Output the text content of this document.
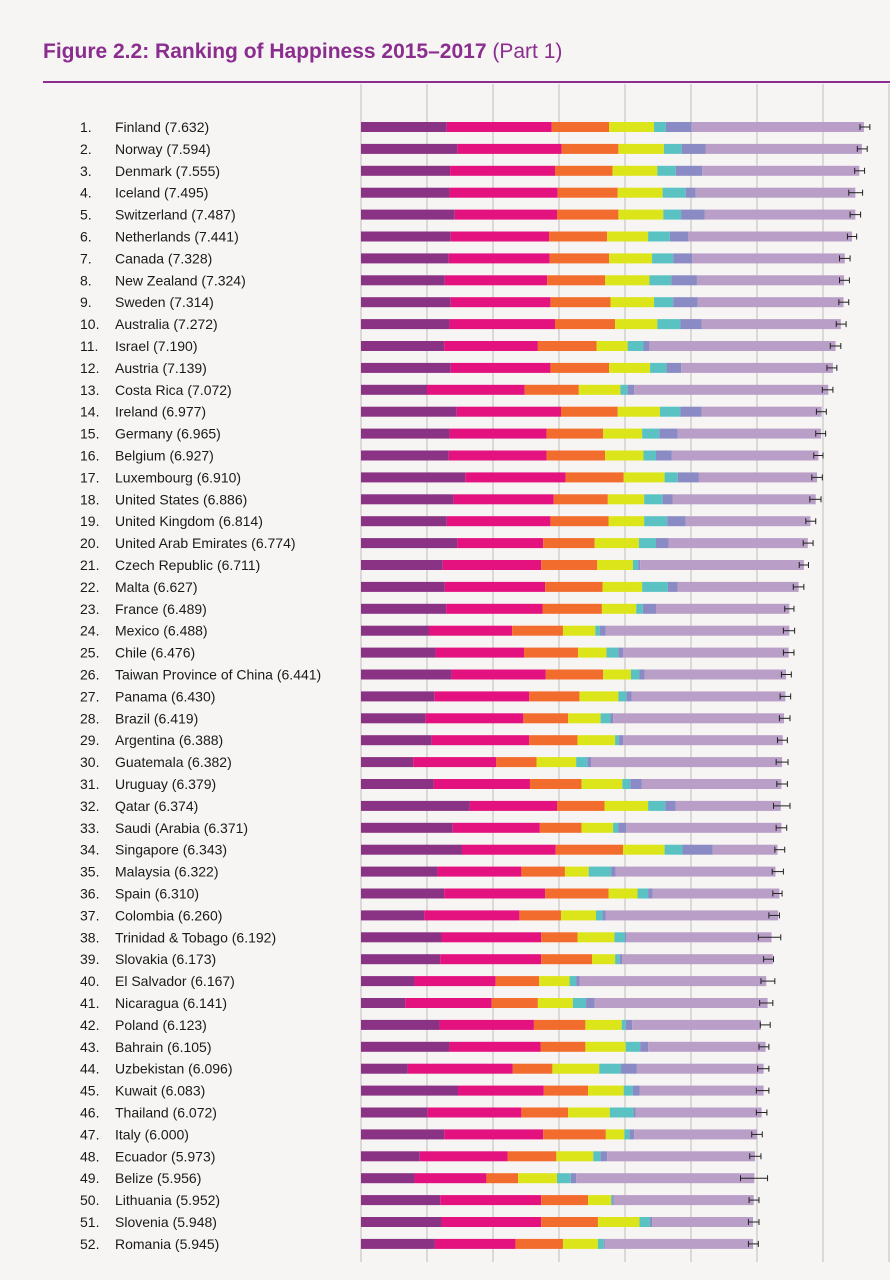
Figure 2.2: Ranking of Happiness 2015–2017 (Part 1)
1. Finland (7.632)
2. Norway (7.594)
3. Denmark (7.555)
4. Iceland (7.495)
5. Switzerland (7.487)
6. Netherlands (7.441)
7. Canada (7.328)
8. New Zealand (7.324)
9. Sweden (7.314)
10. Australia (7.272)
11. Israel (7.190)
12. Austria (7.139)
13. Costa Rica (7.072)
14. Ireland (6.977)
15. Germany (6.965)
16. Belgium (6.927)
17. Luxembourg (6.910)
18. United States (6.886)
19. United Kingdom (6.814)
20. United Arab Emirates (6.774)
21. Czech Republic (6.711)
22. Malta (6.627)
23. France (6.489)
24. Mexico (6.488)
25. Chile (6.476)
26. Taiwan Province of China (6.441)
27. Panama (6.430)
28. Brazil (6.419)
29. Argentina (6.388)
30. Guatemala (6.382)
31. Uruguay (6.379)
32. Qatar (6.374)
33. Saudi (Arabia (6.371)
34. Singapore (6.343)
35. Malaysia (6.322)
36. Spain (6.310)
37. Colombia (6.260)
38. Trinidad & Tobago (6.192)
39. Slovakia (6.173)
40. El Salvador (6.167)
41. Nicaragua (6.141)
42. Poland (6.123)
43. Bahrain (6.105)
44. Uzbekistan (6.096)
45. Kuwait (6.083)
46. Thailand (6.072)
47. Italy (6.000)
48. Ecuador (5.973)
49. Belize (5.956)
50. Lithuania (5.952)
51. Slovenia (5.948)
52. Romania (5.945)
